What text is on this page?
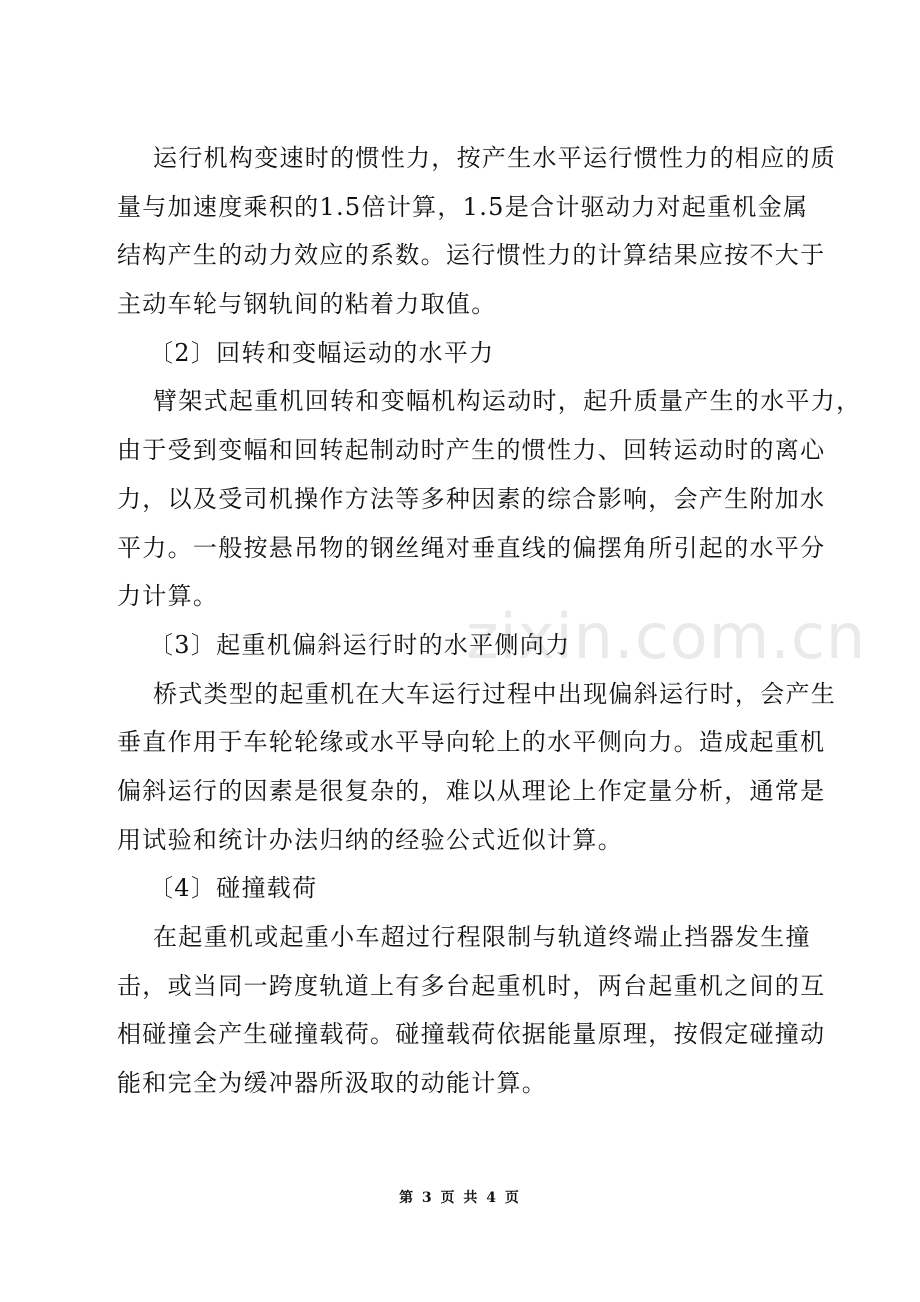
zixin.com.cn
运行机构变速时的惯性力，按产生水平运行惯性力的相应的质
量与加速度乘积的1.5倍计算，1.5是合计驱动力对起重机金属
结构产生的动力效应的系数。运行惯性力的计算结果应按不大于
主动车轮与钢轨间的粘着力取值。
〔2〕回转和变幅运动的水平力
臂架式起重机回转和变幅机构运动时，起升质量产生的水平力，
由于受到变幅和回转起制动时产生的惯性力、回转运动时的离心
力，以及受司机操作方法等多种因素的综合影响，会产生附加水
平力。一般按悬吊物的钢丝绳对垂直线的偏摆角所引起的水平分
力计算。
〔3〕起重机偏斜运行时的水平侧向力
桥式类型的起重机在大车运行过程中出现偏斜运行时，会产生
垂直作用于车轮轮缘或水平导向轮上的水平侧向力。造成起重机
偏斜运行的因素是很复杂的，难以从理论上作定量分析，通常是
用试验和统计办法归纳的经验公式近似计算。
〔4〕碰撞载荷
在起重机或起重小车超过行程限制与轨道终端止挡器发生撞
击，或当同一跨度轨道上有多台起重机时，两台起重机之间的互
相碰撞会产生碰撞载荷。碰撞载荷依据能量原理，按假定碰撞动
能和完全为缓冲器所汲取的动能计算。
第 3 页 共 4 页
